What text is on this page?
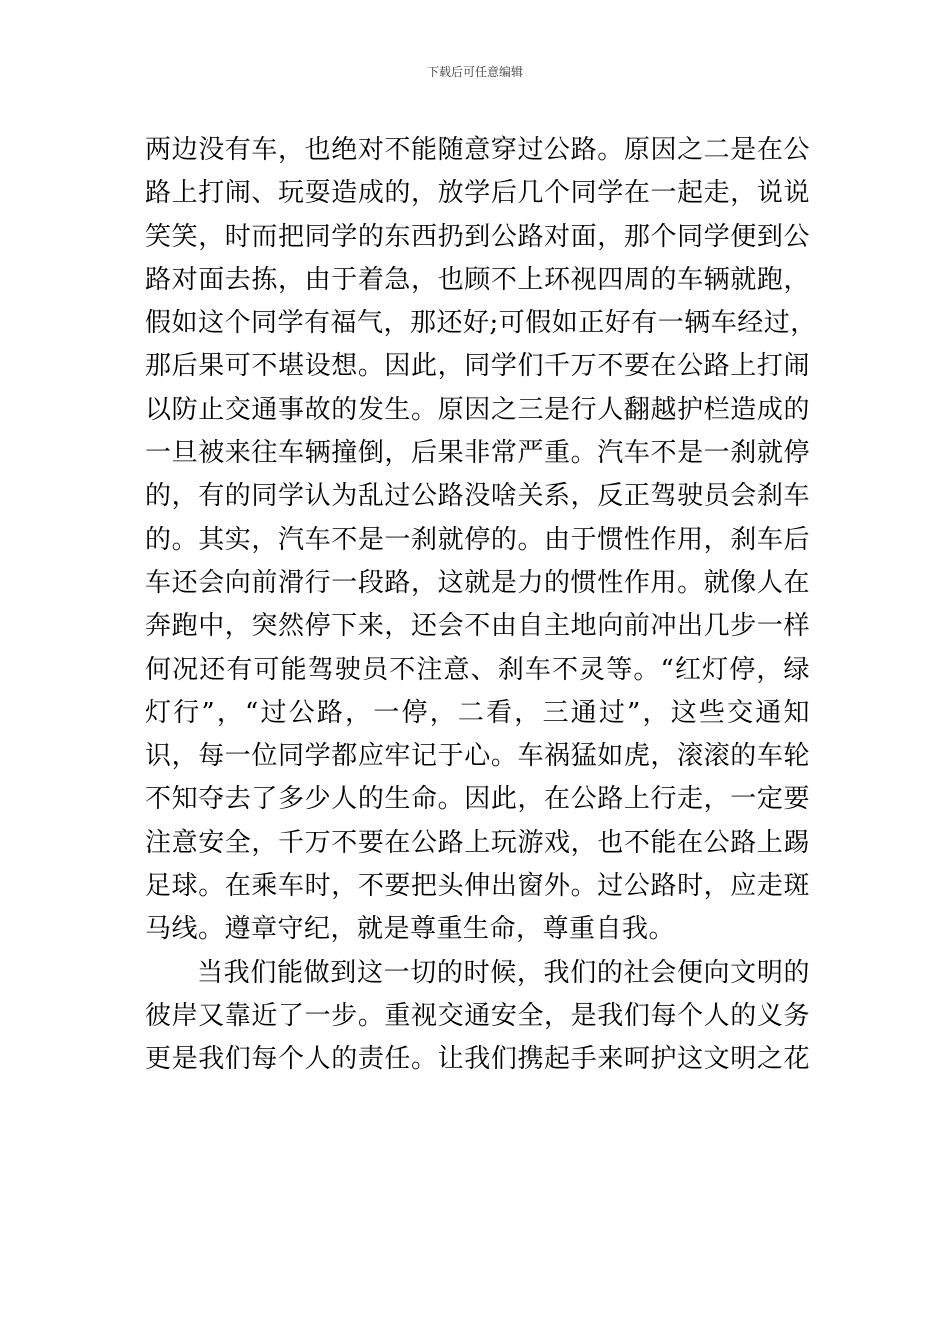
下载后可任意编辑
两边没有车，也绝对不能随意穿过公路。原因之二是在公
路上打闹、玩耍造成的，放学后几个同学在一起走，说说
笑笑，时而把同学的东西扔到公路对面，那个同学便到公
路对面去拣，由于着急，也顾不上环视四周的车辆就跑，
假如这个同学有福气，那还好;可假如正好有一辆车经过，
那后果可不堪设想。因此，同学们千万不要在公路上打闹
以防止交通事故的发生。原因之三是行人翻越护栏造成的
一旦被来往车辆撞倒，后果非常严重。汽车不是一刹就停
的，有的同学认为乱过公路没啥关系，反正驾驶员会刹车
的。其实，汽车不是一刹就停的。由于惯性作用，刹车后
车还会向前滑行一段路，这就是力的惯性作用。就像人在
奔跑中，突然停下来，还会不由自主地向前冲出几步一样
何况还有可能驾驶员不注意、刹车不灵等。“红灯停，绿
灯行”，“过公路，一停，二看，三通过”，这些交通知
识，每一位同学都应牢记于心。车祸猛如虎，滚滚的车轮
不知夺去了多少人的生命。因此，在公路上行走，一定要
注意安全，千万不要在公路上玩游戏，也不能在公路上踢
足球。在乘车时，不要把头伸出窗外。过公路时，应走斑
马线。遵章守纪，就是尊重生命，尊重自我。
当我们能做到这一切的时候，我们的社会便向文明的
彼岸又靠近了一步。重视交通安全，是我们每个人的义务
更是我们每个人的责任。让我们携起手来呵护这文明之花
